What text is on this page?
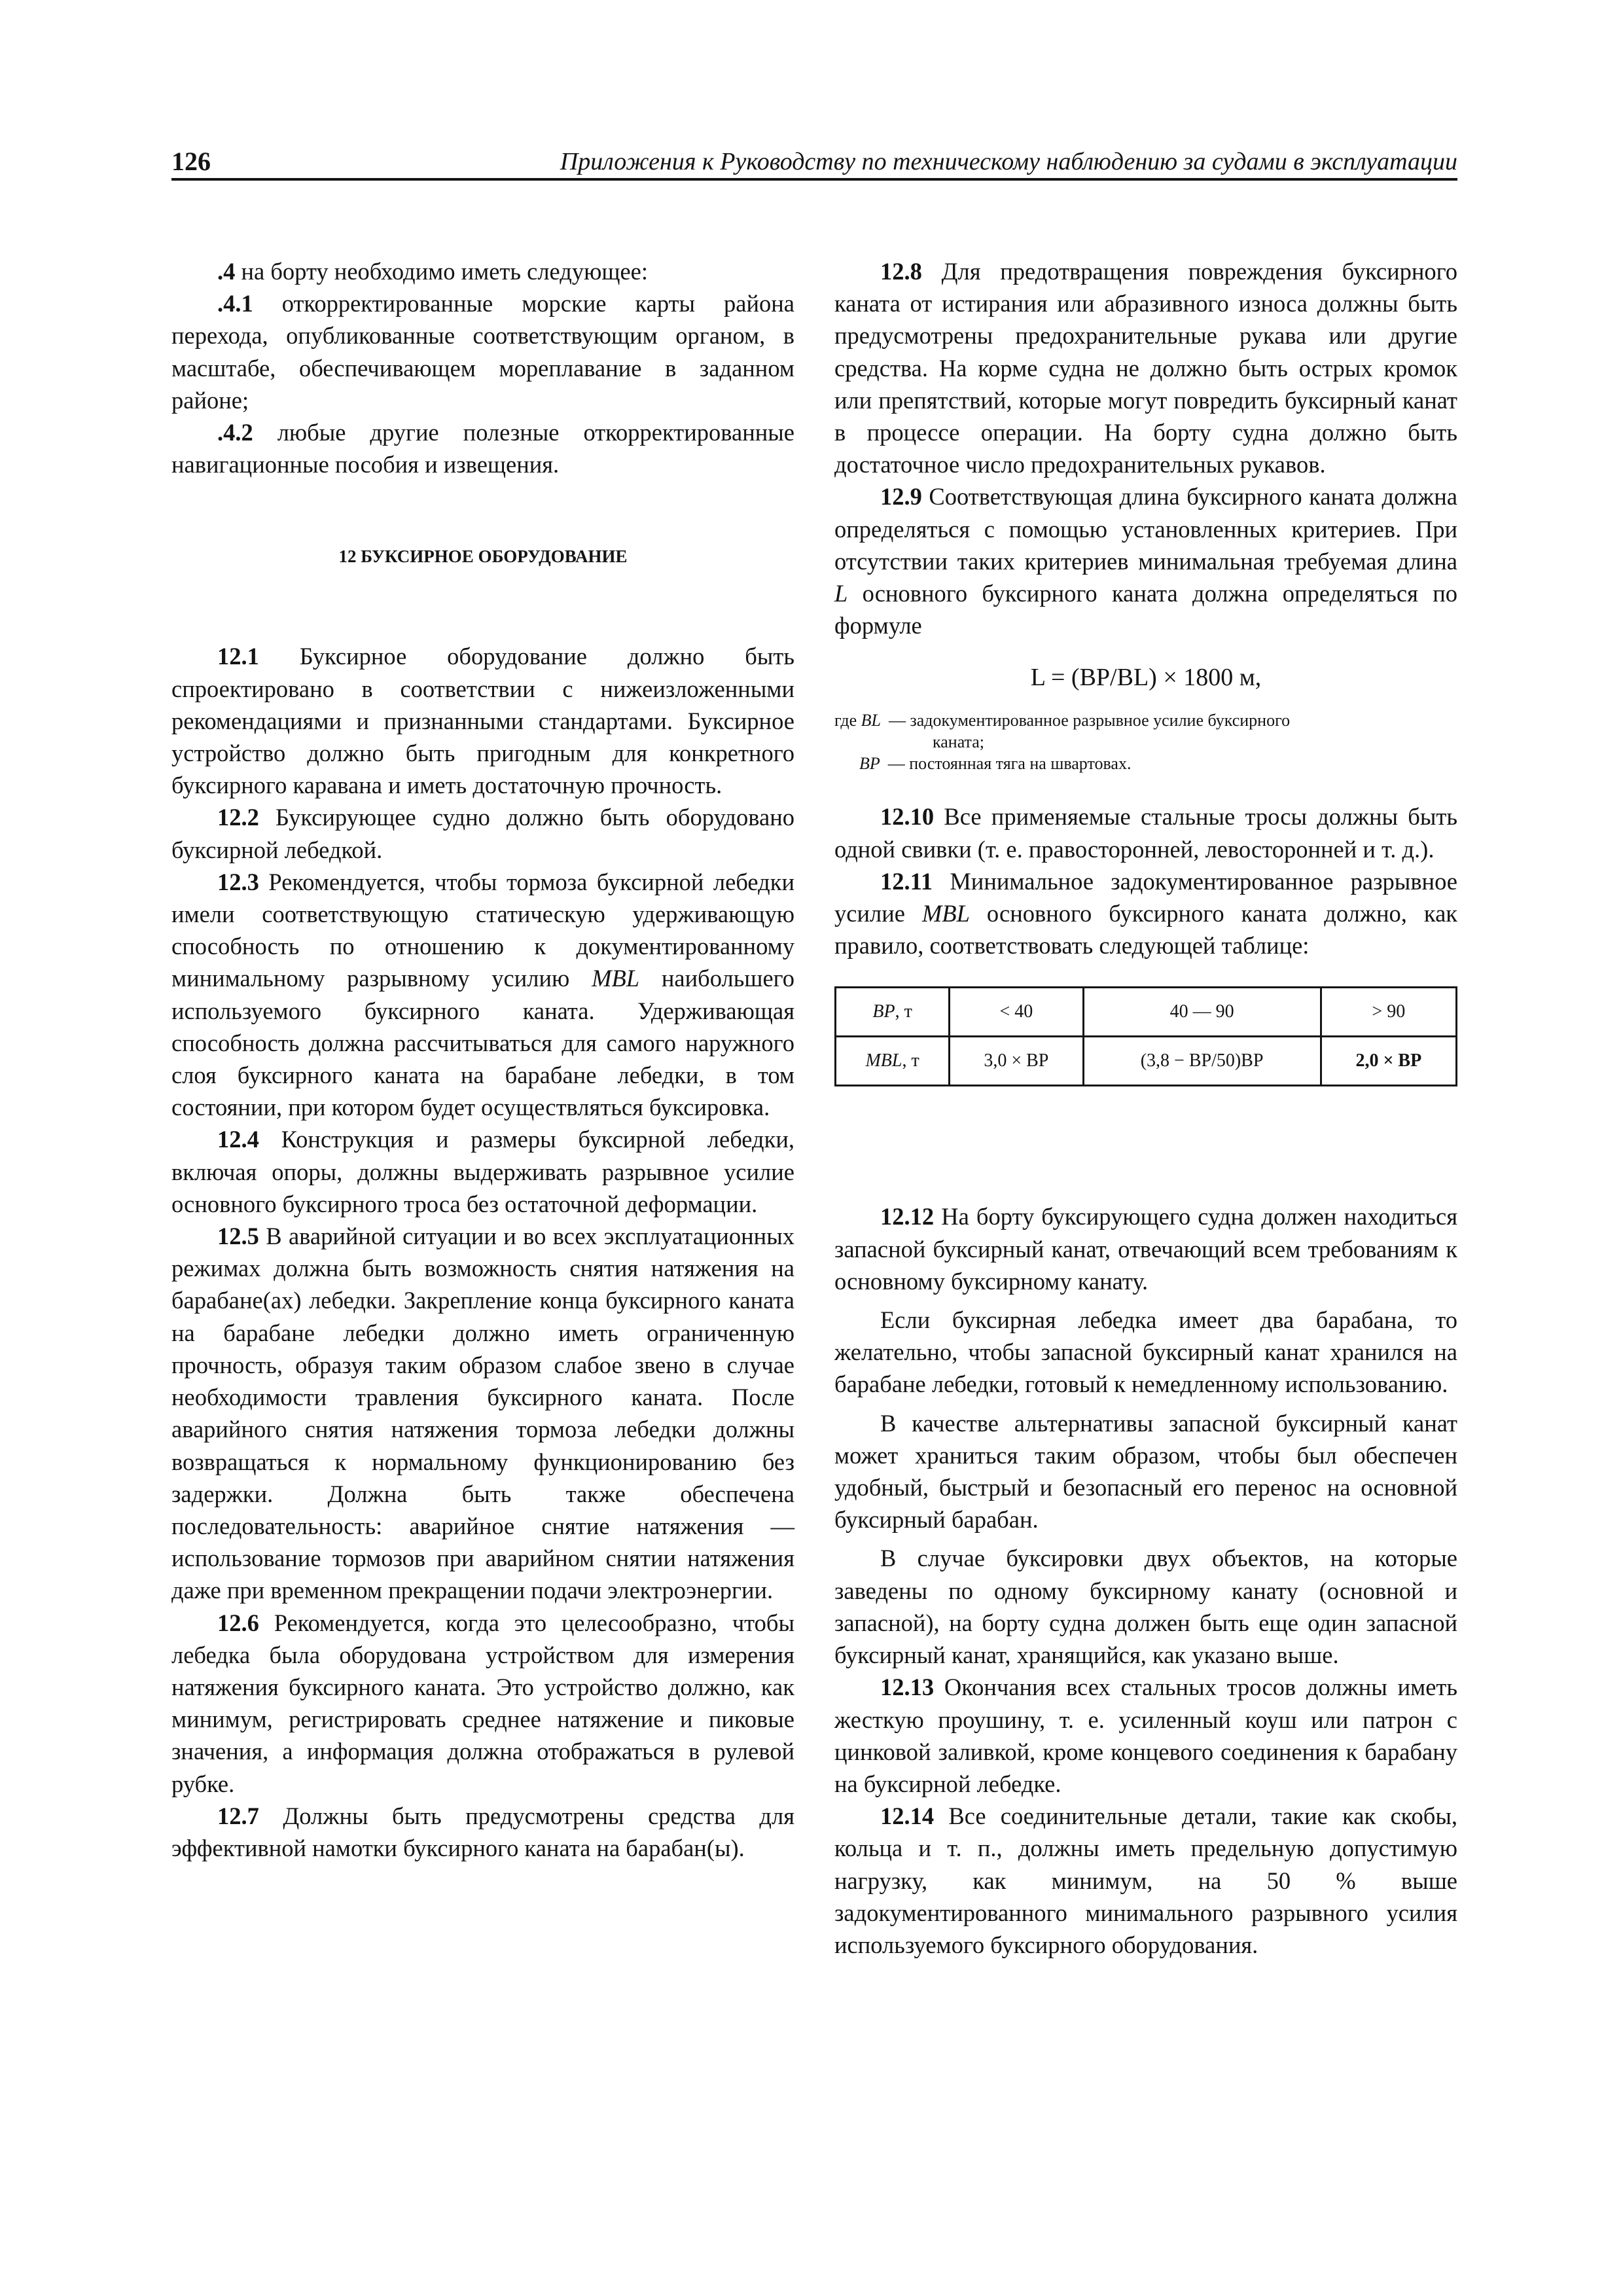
126	Приложения к Руководству по техническому наблюдению за судами в эксплуатации

.4 на борту необходимо иметь следующее:

.4.1 откорректированные морские карты района перехода, опубликованные соответствующим органом, в масштабе, обеспечивающем мореплавание в заданном районе;

.4.2 любые другие полезные откорректированные навигационные пособия и извещения.

12 БУКСИРНОЕ ОБОРУДОВАНИЕ

12.1 Буксирное оборудование должно быть спроектировано в соответствии с нижеизложенными рекомендациями и признанными стандартами. Буксирное устройство должно быть пригодным для конкретного буксирного каравана и иметь достаточную прочность.

12.2 Буксирующее судно должно быть оборудовано буксирной лебедкой.

12.3 Рекомендуется, чтобы тормоза буксирной лебедки имели соответствующую статическую удерживающую способность по отношению к документированному минимальному разрывному усилию MBL наибольшего используемого буксирного каната. Удерживающая способность должна рассчитываться для самого наружного слоя буксирного каната на барабане лебедки, в том состоянии, при котором будет осуществляться буксировка.

12.4 Конструкция и размеры буксирной лебедки, включая опоры, должны выдерживать разрывное усилие основного буксирного троса без остаточной деформации.

12.5 В аварийной ситуации и во всех эксплуатационных режимах должна быть возможность снятия натяжения на барабане(ах) лебедки. Закрепление конца буксирного каната на барабане лебедки должно иметь ограниченную прочность, образуя таким образом слабое звено в случае необходимости травления буксирного каната. После аварийного снятия натяжения тормоза лебедки должны возвращаться к нормальному функционированию без задержки. Должна быть также обеспечена последовательность: аварийное снятие натяжения — использование тормозов при аварийном снятии натяжения даже при временном прекращении подачи электроэнергии.

12.6 Рекомендуется, когда это целесообразно, чтобы лебедка была оборудована устройством для измерения натяжения буксирного каната. Это устройство должно, как минимум, регистрировать среднее натяжение и пиковые значения, а информация должна отображаться в рулевой рубке.

12.7 Должны быть предусмотрены средства для эффективной намотки буксирного каната на барабан(ы).

12.8 Для предотвращения повреждения буксирного каната от истирания или абразивного износа должны быть предусмотрены предохранительные рукава или другие средства. На корме судна не должно быть острых кромок или препятствий, которые могут повредить буксирный канат в процессе операции. На борту судна должно быть достаточное число предохранительных рукавов.

12.9 Соответствующая длина буксирного каната должна определяться с помощью установленных критериев. При отсутствии таких критериев минимальная требуемая длина L основного буксирного каната должна определяться по формуле

L = (BP/BL) × 1800 м,
где BL — задокументированное разрывное усилие буксирного
каната;
BP — постоянная тяга на швартовах.

12.10 Все применяемые стальные тросы должны быть одной свивки (т. е. правосторонней, левосторонней и т. д.).

12.11 Минимальное задокументированное разрывное усилие MBL основного буксирного каната должно, как правило, соответствовать следующей таблице:

BP, т	< 40	40 — 90	> 90
MBL, т	3,0 × BP	(3,8 − BP/50)BP	2,0 × BP

12.12 На борту буксирующего судна должен находиться запасной буксирный канат, отвечающий всем требованиям к основному буксирному канату.

Если буксирная лебедка имеет два барабана, то желательно, чтобы запасной буксирный канат хранился на барабане лебедки, готовый к немедленному использованию.

В качестве альтернативы запасной буксирный канат может храниться таким образом, чтобы был обеспечен удобный, быстрый и безопасный его перенос на основной буксирный барабан.

В случае буксировки двух объектов, на которые заведены по одному буксирному канату (основной и запасной), на борту судна должен быть еще один запасной буксирный канат, хранящийся, как указано выше.

12.13 Окончания всех стальных тросов должны иметь жесткую проушину, т. е. усиленный коуш или патрон с цинковой заливкой, кроме концевого соединения к барабану на буксирной лебедке.

12.14 Все соединительные детали, такие как скобы, кольца и т. п., должны иметь предельную допустимую нагрузку, как минимум, на 50 % выше задокументированного минимального разрывного усилия используемого буксирного оборудования.
